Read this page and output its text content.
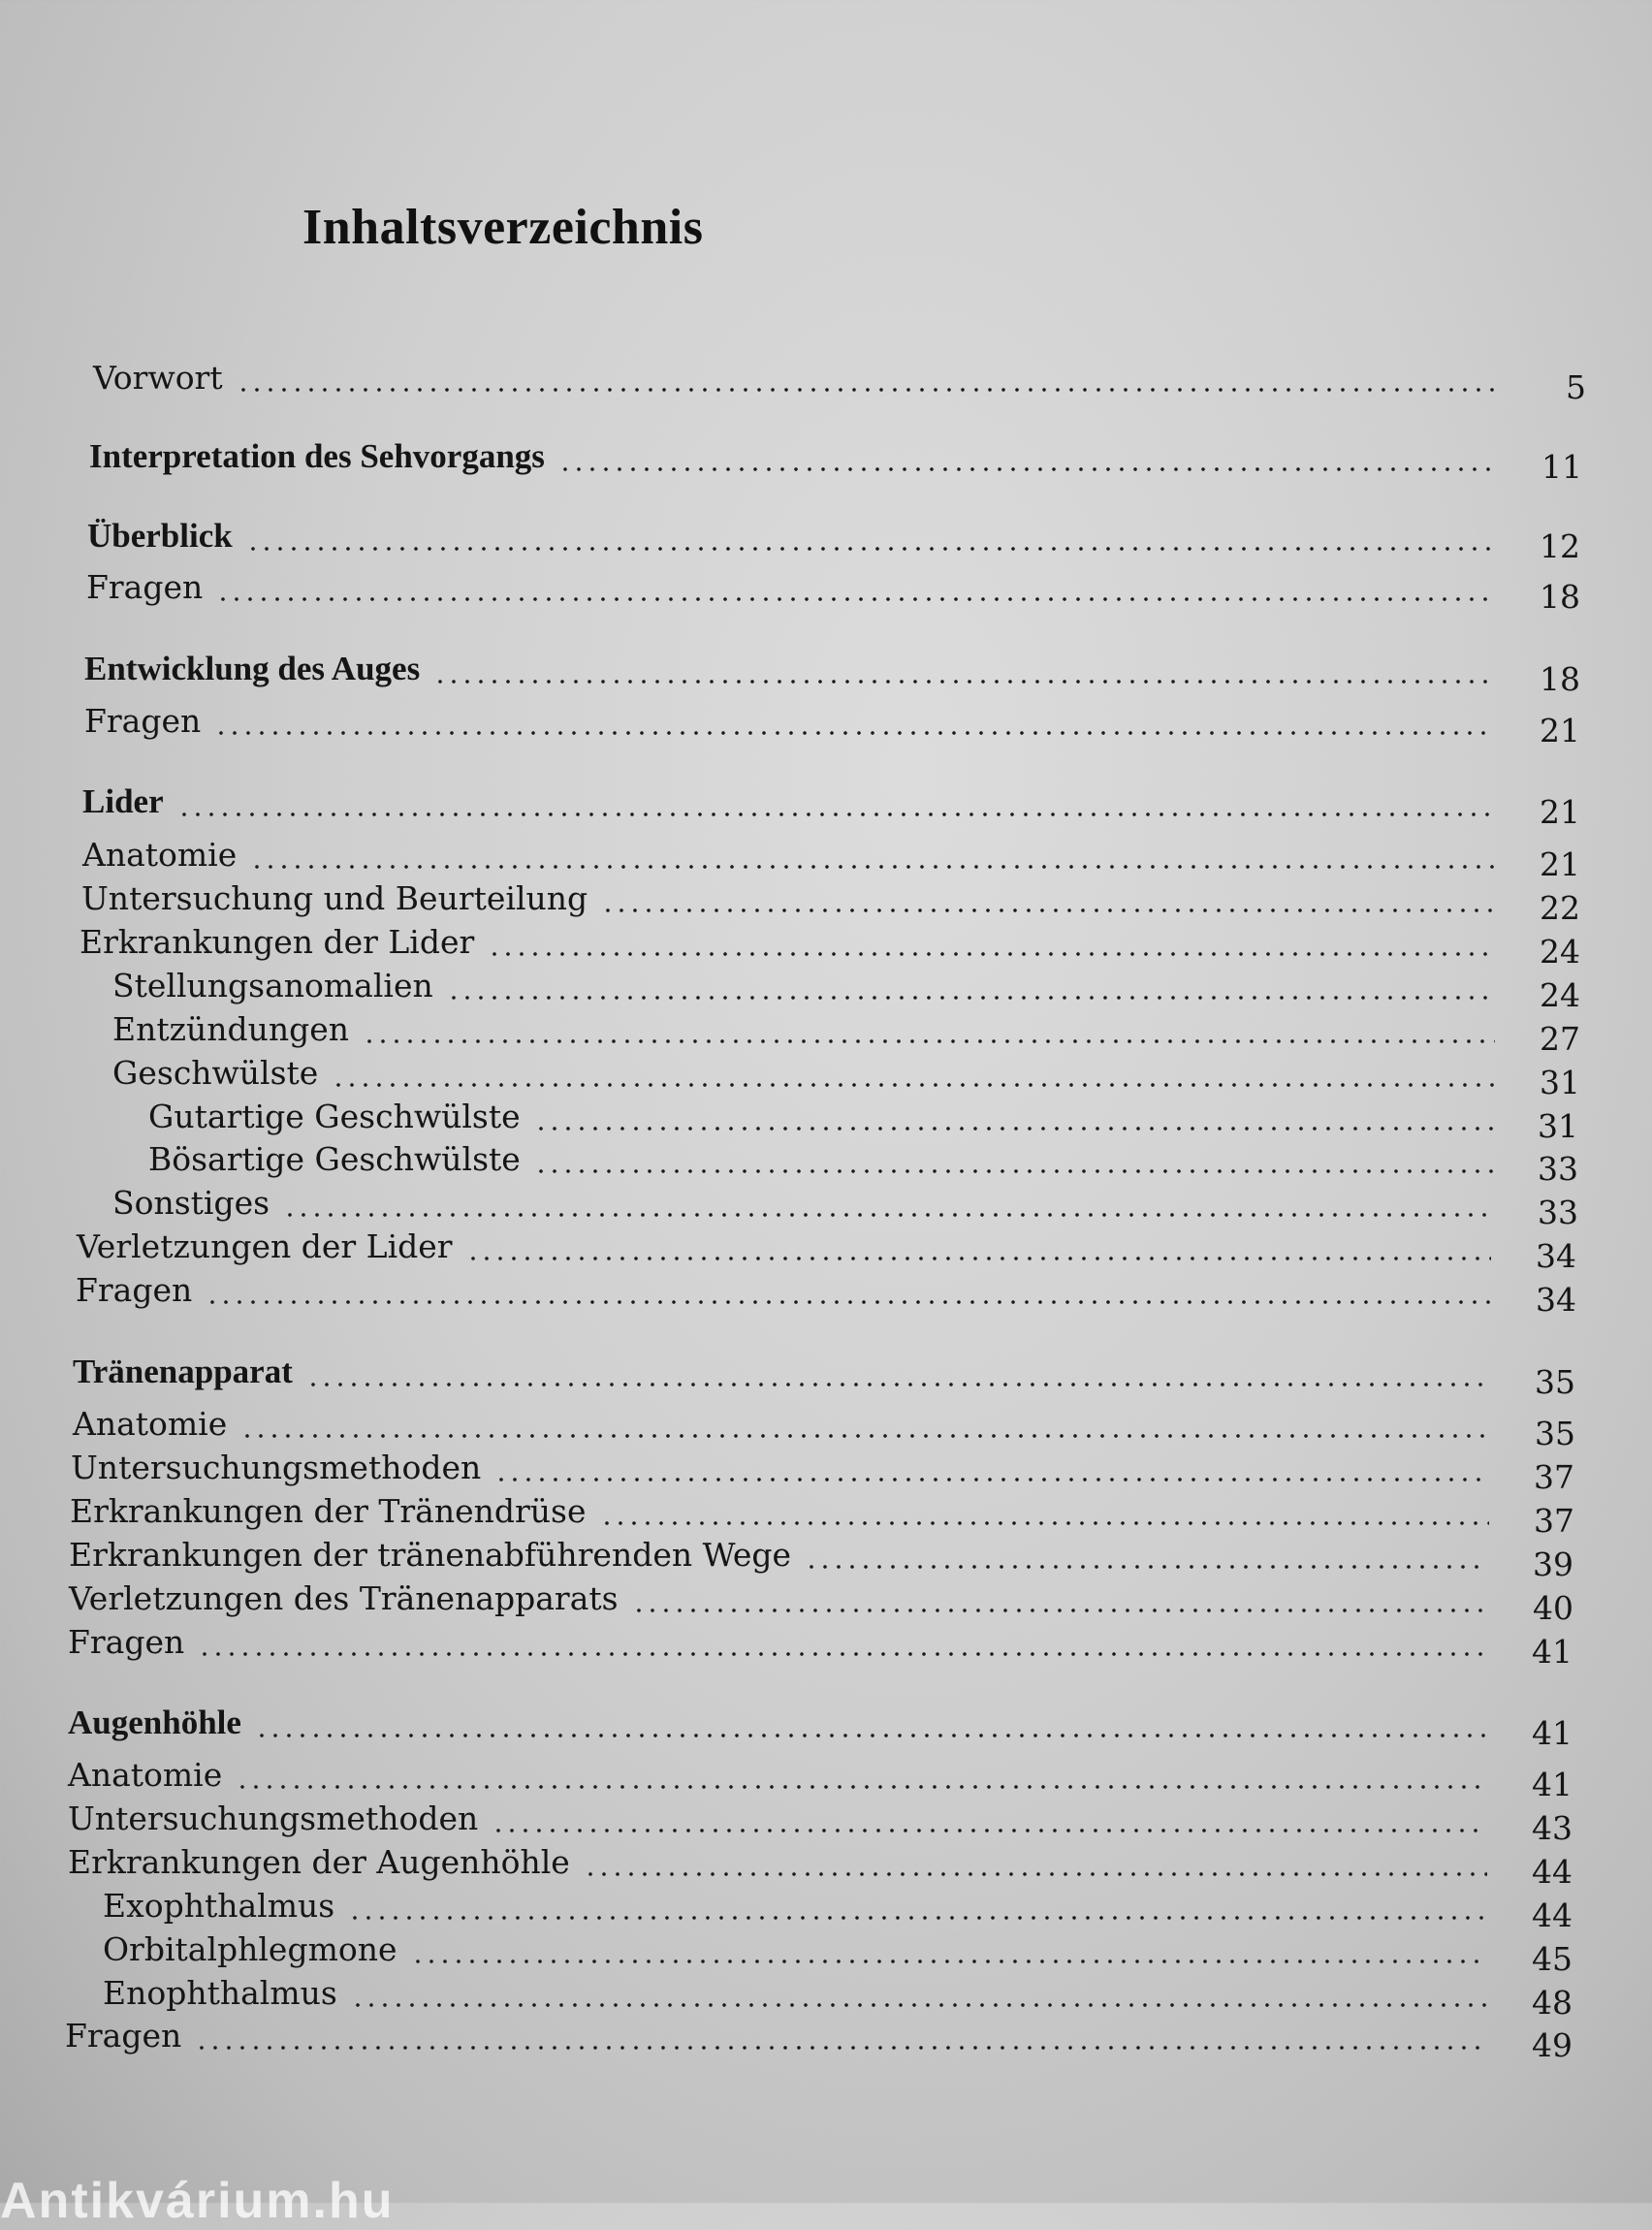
Inhaltsverzeichnis
Vorwort	5
Interpretation des Sehvorgangs	11
Überblick	12
Fragen	18
Entwicklung des Auges	18
Fragen	21
Lider	21
Anatomie	21
Untersuchung und Beurteilung	22
Erkrankungen der Lider	24
Stellungsanomalien	24
Entzündungen	27
Geschwülste	31
Gutartige Geschwülste	31
Bösartige Geschwülste	33
Sonstiges	33
Verletzungen der Lider	34
Fragen	34
Tränenapparat	35
Anatomie	35
Untersuchungsmethoden	37
Erkrankungen der Tränendrüse	37
Erkrankungen der tränenabführenden Wege	39
Verletzungen des Tränenapparats	40
Fragen	41
Augenhöhle	41
Anatomie	41
Untersuchungsmethoden	43
Erkrankungen der Augenhöhle	44
Exophthalmus	44
Orbitalphlegmone	45
Enophthalmus	48
Fragen	49
Antikvárium.hu
